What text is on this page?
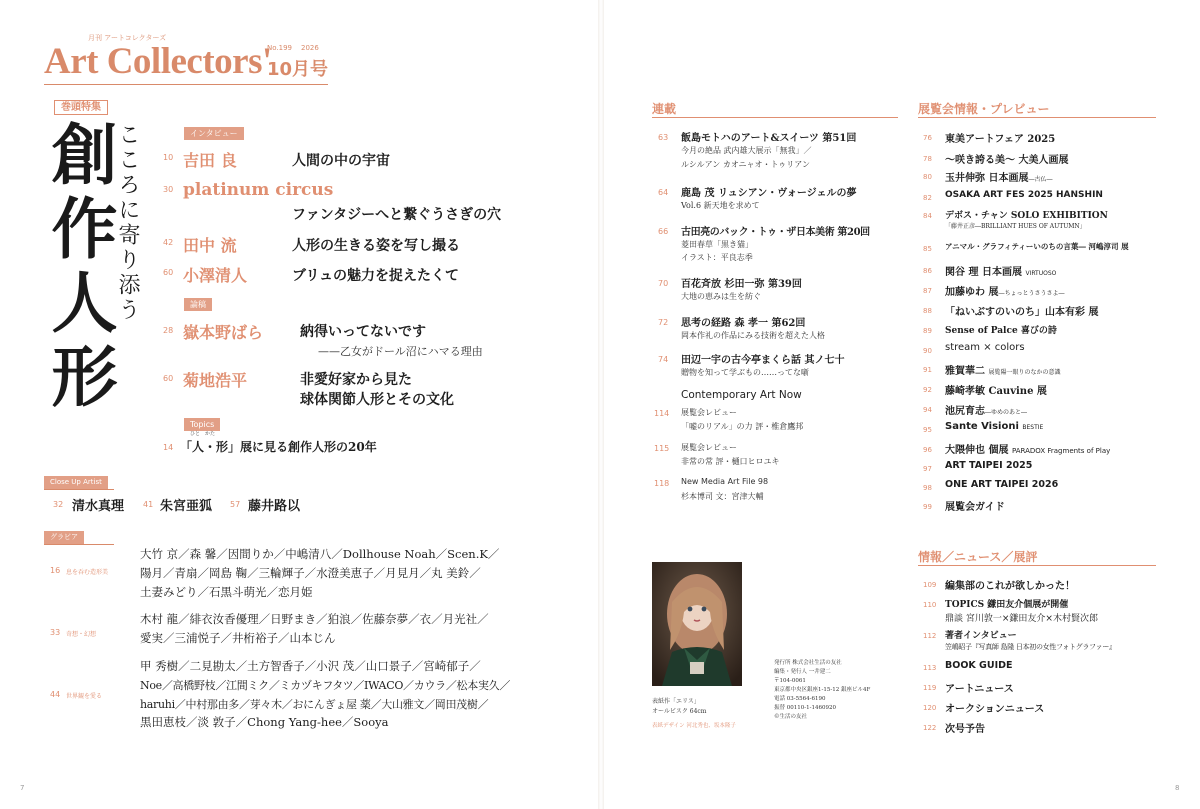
Art Collectors'
月刊 アートコレクターズ
No.199 2026
10月号
巻頭特集
創作人形
こころに寄り添う	インタビュー
10 吉田 良	人間の中の宇宙
30 platinum circus
ファンタジーへと繋ぐうさぎの穴
42 田中 流	人形の生きる姿を写し撮る
60 小澤清人	ブリュの魅力を捉えたくて
論稿
28 嶽本野ばら	納得いってないです
——乙女がドール沼にハマる理由
60 菊地浩平	非愛好家から見た
球体関節人形とその文化
Topics
ひと　かた
14 「人・形」展に見る創作人形の20年
Close Up Artist
32 清水真理 41 朱宮亜狐 57 藤井路以
グラビア
16 息を吞む造形美
大竹 京／森 馨／因間りか／中嶋清八／Dollhouse Noah／Scen.K／
陽月／青扇／岡島 鞠／三輪輝子／水澄美恵子／月見月／丸 美鈴／
土妻みどり／石黒斗萌光／恋月姫
33 奇想・幻想
木村 龍／緋衣汝香優理／日野まき／狛浪／佐藤奈夢／衣／月光社／
愛実／三浦悦子／井桁裕子／山本じん
44 世界観を愛る
甲 秀樹／二見勘太／土方智香子／小沢 茂／山口景子／宮崎郁子／
Noe／高橋野枝／江間ミク／ミカヅキフタツ／IWACO／カウラ／松本実久／
haruhi／中村那由多／芽々木／おにんぎょ屋 薬／大山雅文／岡田茂樹／
黒田恵枝／淡 敦子／Chong Yang-hee／Sooya
連載
63 飯島モトハのアート&スイーツ 第51回
今月の絶品 武内雄大展示「無我」／
ルシルアン カオニャオ・トゥリアン
64 鹿島 茂 リュシアン・ヴォージェルの夢
Vol.6 新天地を求めて
66 古田亮のバック・トゥ・ザ日本美術 第20回
菱田春草「黒き猫」
イラスト：平良志季
70 百花斉放 杉田一弥 第39回
大地の恵みは生を紡ぐ
72 思考の経路 森 孝一 第62回
岡本作礼の作品にみる技術を超えた人格
74 田辺一宇の古今亭まくら話 其ノ七十
贈物を知って学ぶもの……ってな噺
Contemporary Art Now
114 展覧会レビュー
「嘘のリアル」の力 評・椎倉鷹邦
115 展覧会レビュー
非常の常 評・樋口ヒロユキ
118 New Media Art File 98
杉本博司 文：宮津大輔
表紙作「エリス」
オールビスク 64cm
表紙デザイン 河北秀也、坂本隆子
発行所 株式会社生活の友社
編集・発行人 一井建二
〒104-0061
東京都中央区銀座1-15-12 銀座ビル4F
電話 03-5564-6190
振替 00110-1-1460920
©生活の友社
展覧会情報・プレビュー
76 東美アートフェア 2025
78 〜咲き誇る美〜 大美人画展
80 玉井伸弥 日本画展―古仏―
82 OSAKA ART FES 2025 HANSHIN
84 デボス・チャン SOLO EXHIBITION
「藤井正彦―BRILLIANT HUES OF AUTUMN」
85 アニマル・グラフィティーいのちの言葉― 河嶋淳司 展
86 関谷 理 日本画展 VIRTUOSO
87 加藤ゆわ 展―ちょっとうさうさよ―
88 「ねいぶすのいのち」山本有彩 展
89 Sense of Palce 喜びの詩
90 stream × colors
91 雅賀華二 展覧陽一眼りのなかの意識
92 藤崎孝敏 Cauvine 展
94 池尻育志―ゆめのあと―
95 Sante Visioni BESTIE
96 大隈伸也 個展 PARADOX Fragments of Play
97 ART TAIPEI 2025
98 ONE ART TAIPEI 2026
99 展覧会ガイド
情報／ニュース／展評
109 編集部のこれが欲しかった！
110 TOPICS 鎌田友介個展が開催
鼎談 宮川敦一×鎌田友介×木村賢次郎
112 著者インタビュー
笠嶋昭子『写真師 島隆 日本初の女性フォトグラファー』
113 BOOK GUIDE
119 アートニュース
120 オークションニュース
122 次号予告
7	8
